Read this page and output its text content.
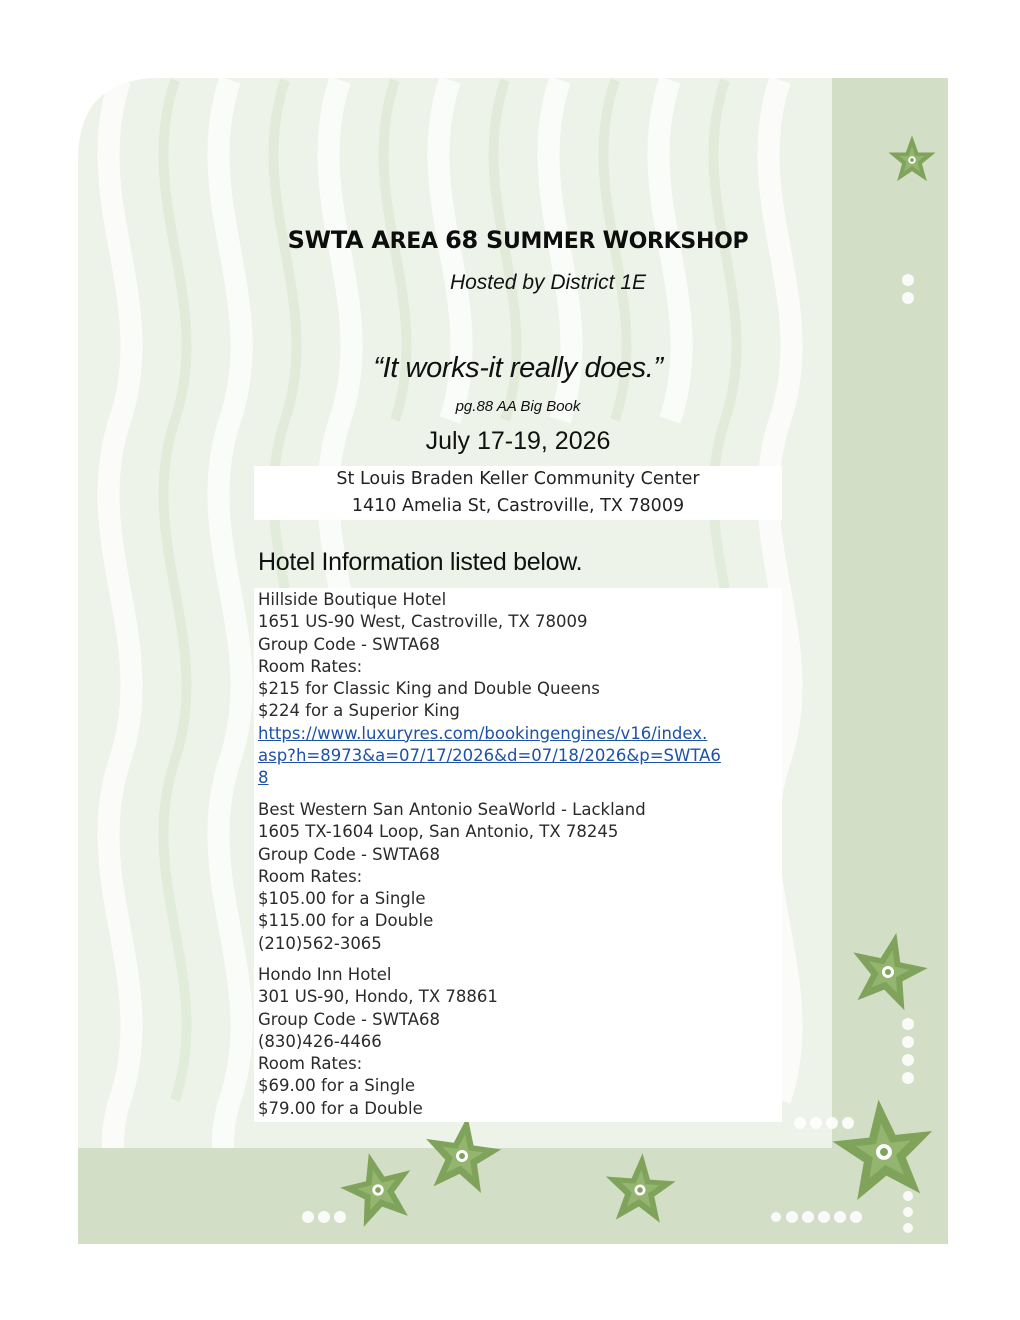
SWTA AREA 68 SUMMER WORKSHOP
Hosted by District 1E
“It works-it really does.”
pg.88 AA Big Book
July 17-19, 2026
St Louis Braden Keller Community Center
1410 Amelia St, Castroville, TX 78009
Hotel Information listed below.
Hillside Boutique Hotel
1651 US-90 West, Castroville, TX 78009
Group Code - SWTA68
Room Rates:
$215 for Classic King and Double Queens
$224 for a Superior King
https://www.luxuryres.com/bookingengines/v16/index.
asp?h=8973&a=07/17/2026&d=07/18/2026&p=SWTA6
8
Best Western San Antonio SeaWorld - Lackland
1605 TX-1604 Loop, San Antonio, TX 78245
Group Code - SWTA68
Room Rates:
$105.00 for a Single
$115.00 for a Double
(210)562-3065
Hondo Inn Hotel
301 US-90, Hondo, TX 78861
Group Code - SWTA68
(830)426-4466
Room Rates:
$69.00 for a Single
$79.00 for a Double
